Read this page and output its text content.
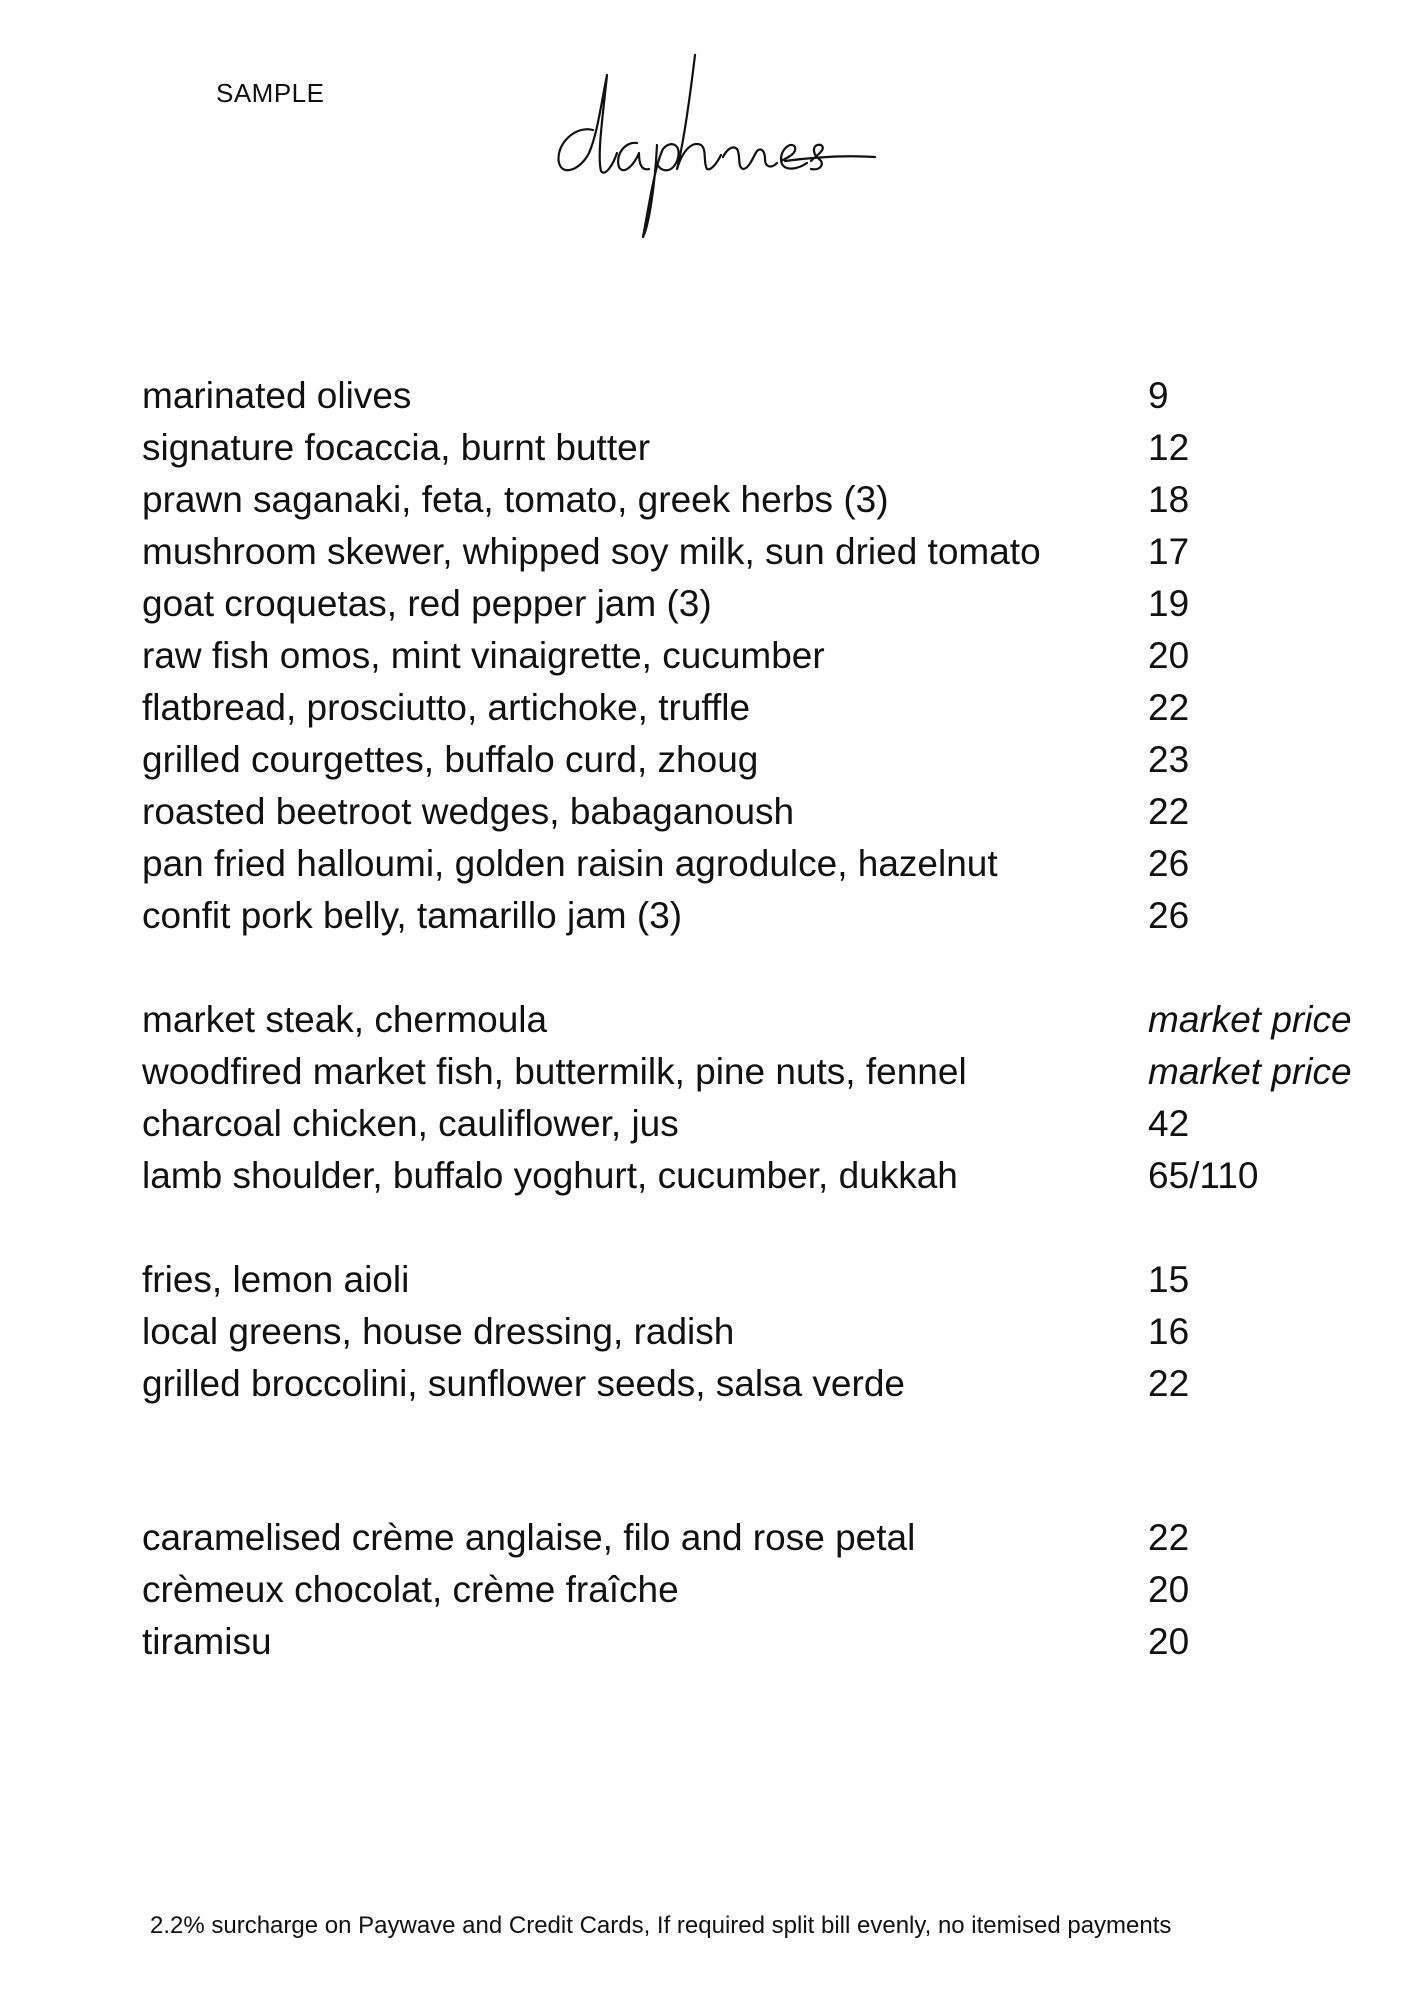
SAMPLE
marinated olives	9
signature focaccia, burnt butter	12
prawn saganaki, feta, tomato, greek herbs (3)	18
mushroom skewer, whipped soy milk, sun dried tomato	17
goat croquetas, red pepper jam (3)	19
raw fish omos, mint vinaigrette, cucumber	20
flatbread, prosciutto, artichoke, truffle	22
grilled courgettes, buffalo curd, zhoug	23
roasted beetroot wedges, babaganoush	22
pan fried halloumi, golden raisin agrodulce, hazelnut	26
confit pork belly, tamarillo jam (3)	26
market steak, chermoula	market price
woodfired market fish, buttermilk, pine nuts, fennel	market price
charcoal chicken, cauliflower, jus	42
lamb shoulder, buffalo yoghurt, cucumber, dukkah	65/110
fries, lemon aioli	15
local greens, house dressing, radish	16
grilled broccolini, sunflower seeds, salsa verde	22
caramelised crème anglaise, filo and rose petal	22
crèmeux chocolat, crème fraîche	20
tiramisu	20
2.2% surcharge on Paywave and Credit Cards, If required split bill evenly, no itemised payments
